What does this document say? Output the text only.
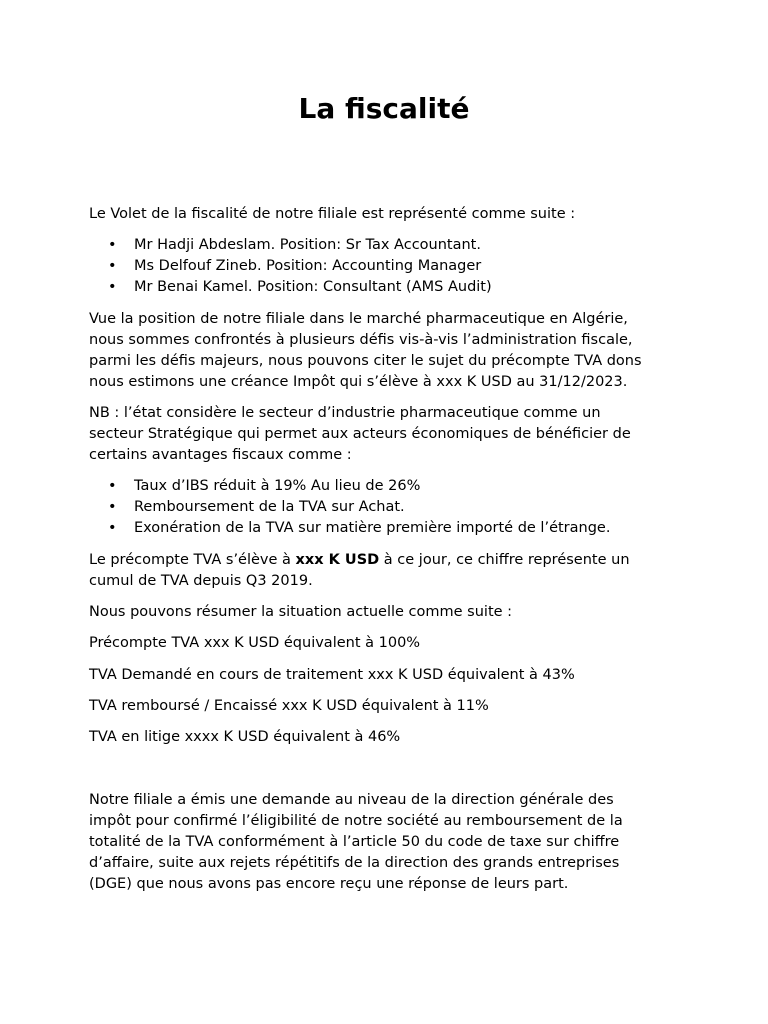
La fiscalité

Le Volet de la fiscalité de notre filiale est représenté comme suite :

• Mr Hadji Abdeslam. Position: Sr Tax Accountant.
• Ms Delfouf Zineb. Position: Accounting Manager
• Mr Benai Kamel. Position: Consultant (AMS Audit)

Vue la position de notre filiale dans le marché pharmaceutique en Algérie,
nous sommes confrontés à plusieurs défis vis-à-vis l’administration fiscale,
parmi les défis majeurs, nous pouvons citer le sujet du précompte TVA dons
nous estimons une créance Impôt qui s’élève à xxx K USD au 31/12/2023.

NB : l’état considère le secteur d’industrie pharmaceutique comme un
secteur Stratégique qui permet aux acteurs économiques de bénéficier de
certains avantages fiscaux comme :

• Taux d’IBS réduit à 19% Au lieu de 26%
• Remboursement de la TVA sur Achat.
• Exonération de la TVA sur matière première importé de l’étrange.

Le précompte TVA s’élève à xxx K USD à ce jour, ce chiffre représente un
cumul de TVA depuis Q3 2019.

Nous pouvons résumer la situation actuelle comme suite :

Précompte TVA xxx K USD équivalent à 100%

TVA Demandé en cours de traitement xxx K USD équivalent à 43%

TVA remboursé / Encaissé xxx K USD équivalent à 11%

TVA en litige xxxx K USD équivalent à 46%

Notre filiale a émis une demande au niveau de la direction générale des
impôt pour confirmé l’éligibilité de notre société au remboursement de la
totalité de la TVA conformément à l’article 50 du code de taxe sur chiffre
d’affaire, suite aux rejets répétitifs de la direction des grands entreprises
(DGE) que nous avons pas encore reçu une réponse de leurs part.
